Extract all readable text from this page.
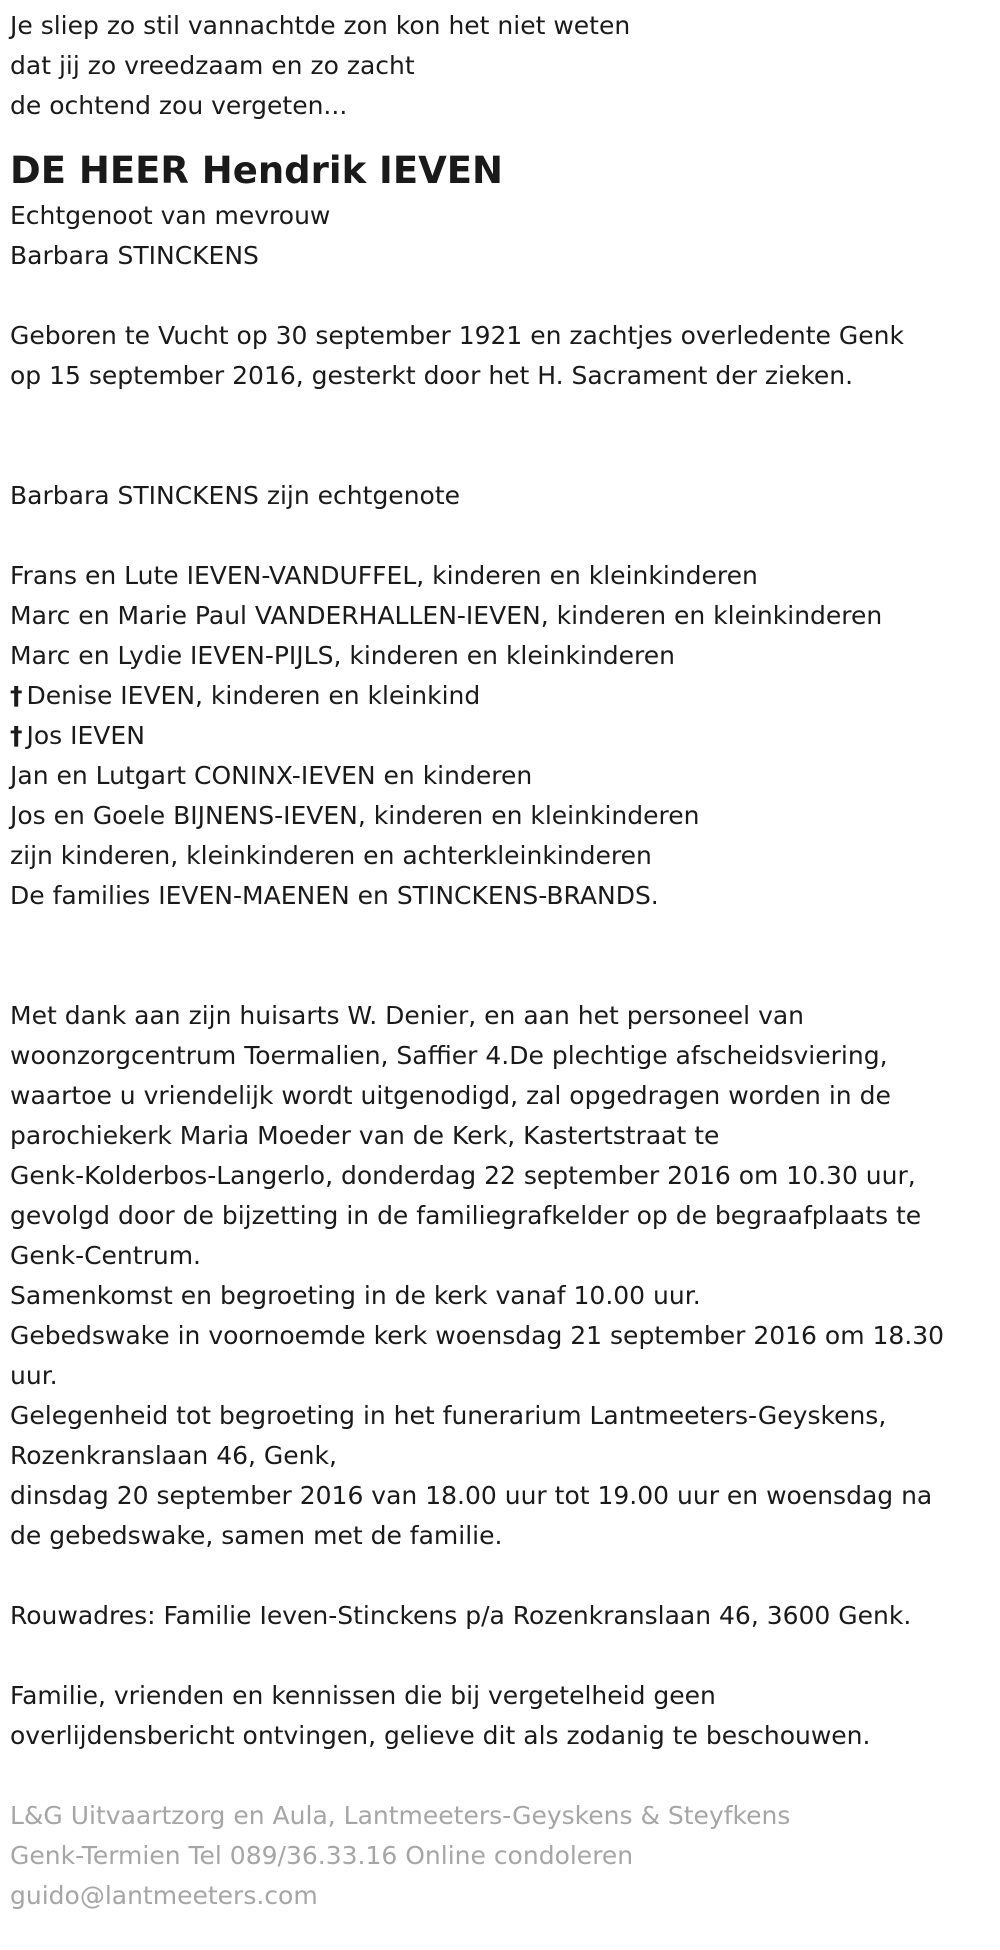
Je sliep zo stil vannachtde zon kon het niet weten

dat jij zo vreedzaam en zo zacht

de ochtend zou vergeten...

DE HEER Hendrik IEVEN

Echtgenoot van mevrouw

Barbara STINCKENS

Geboren te Vucht op 30 september 1921 en zachtjes overledente Genk

op 15 september 2016, gesterkt door het H. Sacrament der zieken.

Barbara STINCKENS zijn echtgenote

Frans en Lute IEVEN-VANDUFFEL, kinderen en kleinkinderen

Marc en Marie Paul VANDERHALLEN-IEVEN, kinderen en kleinkinderen

Marc en Lydie IEVEN-PIJLS, kinderen en kleinkinderen

† Denise IEVEN, kinderen en kleinkind

† Jos IEVEN

Jan en Lutgart CONINX-IEVEN en kinderen

Jos en Goele BIJNENS-IEVEN, kinderen en kleinkinderen

zijn kinderen, kleinkinderen en achterkleinkinderen

De families IEVEN-MAENEN en STINCKENS-BRANDS.

Met dank aan zijn huisarts W. Denier, en aan het personeel van

woonzorgcentrum Toermalien, Saffier 4.De plechtige afscheidsviering,

waartoe u vriendelijk wordt uitgenodigd, zal opgedragen worden in de

parochiekerk Maria Moeder van de Kerk, Kastertstraat te

Genk-Kolderbos-Langerlo, donderdag 22 september 2016 om 10.30 uur,

gevolgd door de bijzetting in de familiegrafkelder op de begraafplaats te

Genk-Centrum.

Samenkomst en begroeting in de kerk vanaf 10.00 uur.

Gebedswake in voornoemde kerk woensdag 21 september 2016 om 18.30

uur.

Gelegenheid tot begroeting in het funerarium Lantmeeters-Geyskens,

Rozenkranslaan 46, Genk,

dinsdag 20 september 2016 van 18.00 uur tot 19.00 uur en woensdag na

de gebedswake, samen met de familie.

Rouwadres: Familie Ieven-Stinckens p/a Rozenkranslaan 46, 3600 Genk.

Familie, vrienden en kennissen die bij vergetelheid geen

overlijdensbericht ontvingen, gelieve dit als zodanig te beschouwen.

L&G Uitvaartzorg en Aula, Lantmeeters-Geyskens & Steyfkens

Genk-Termien Tel 089/36.33.16 Online condoleren

guido@lantmeeters.com
